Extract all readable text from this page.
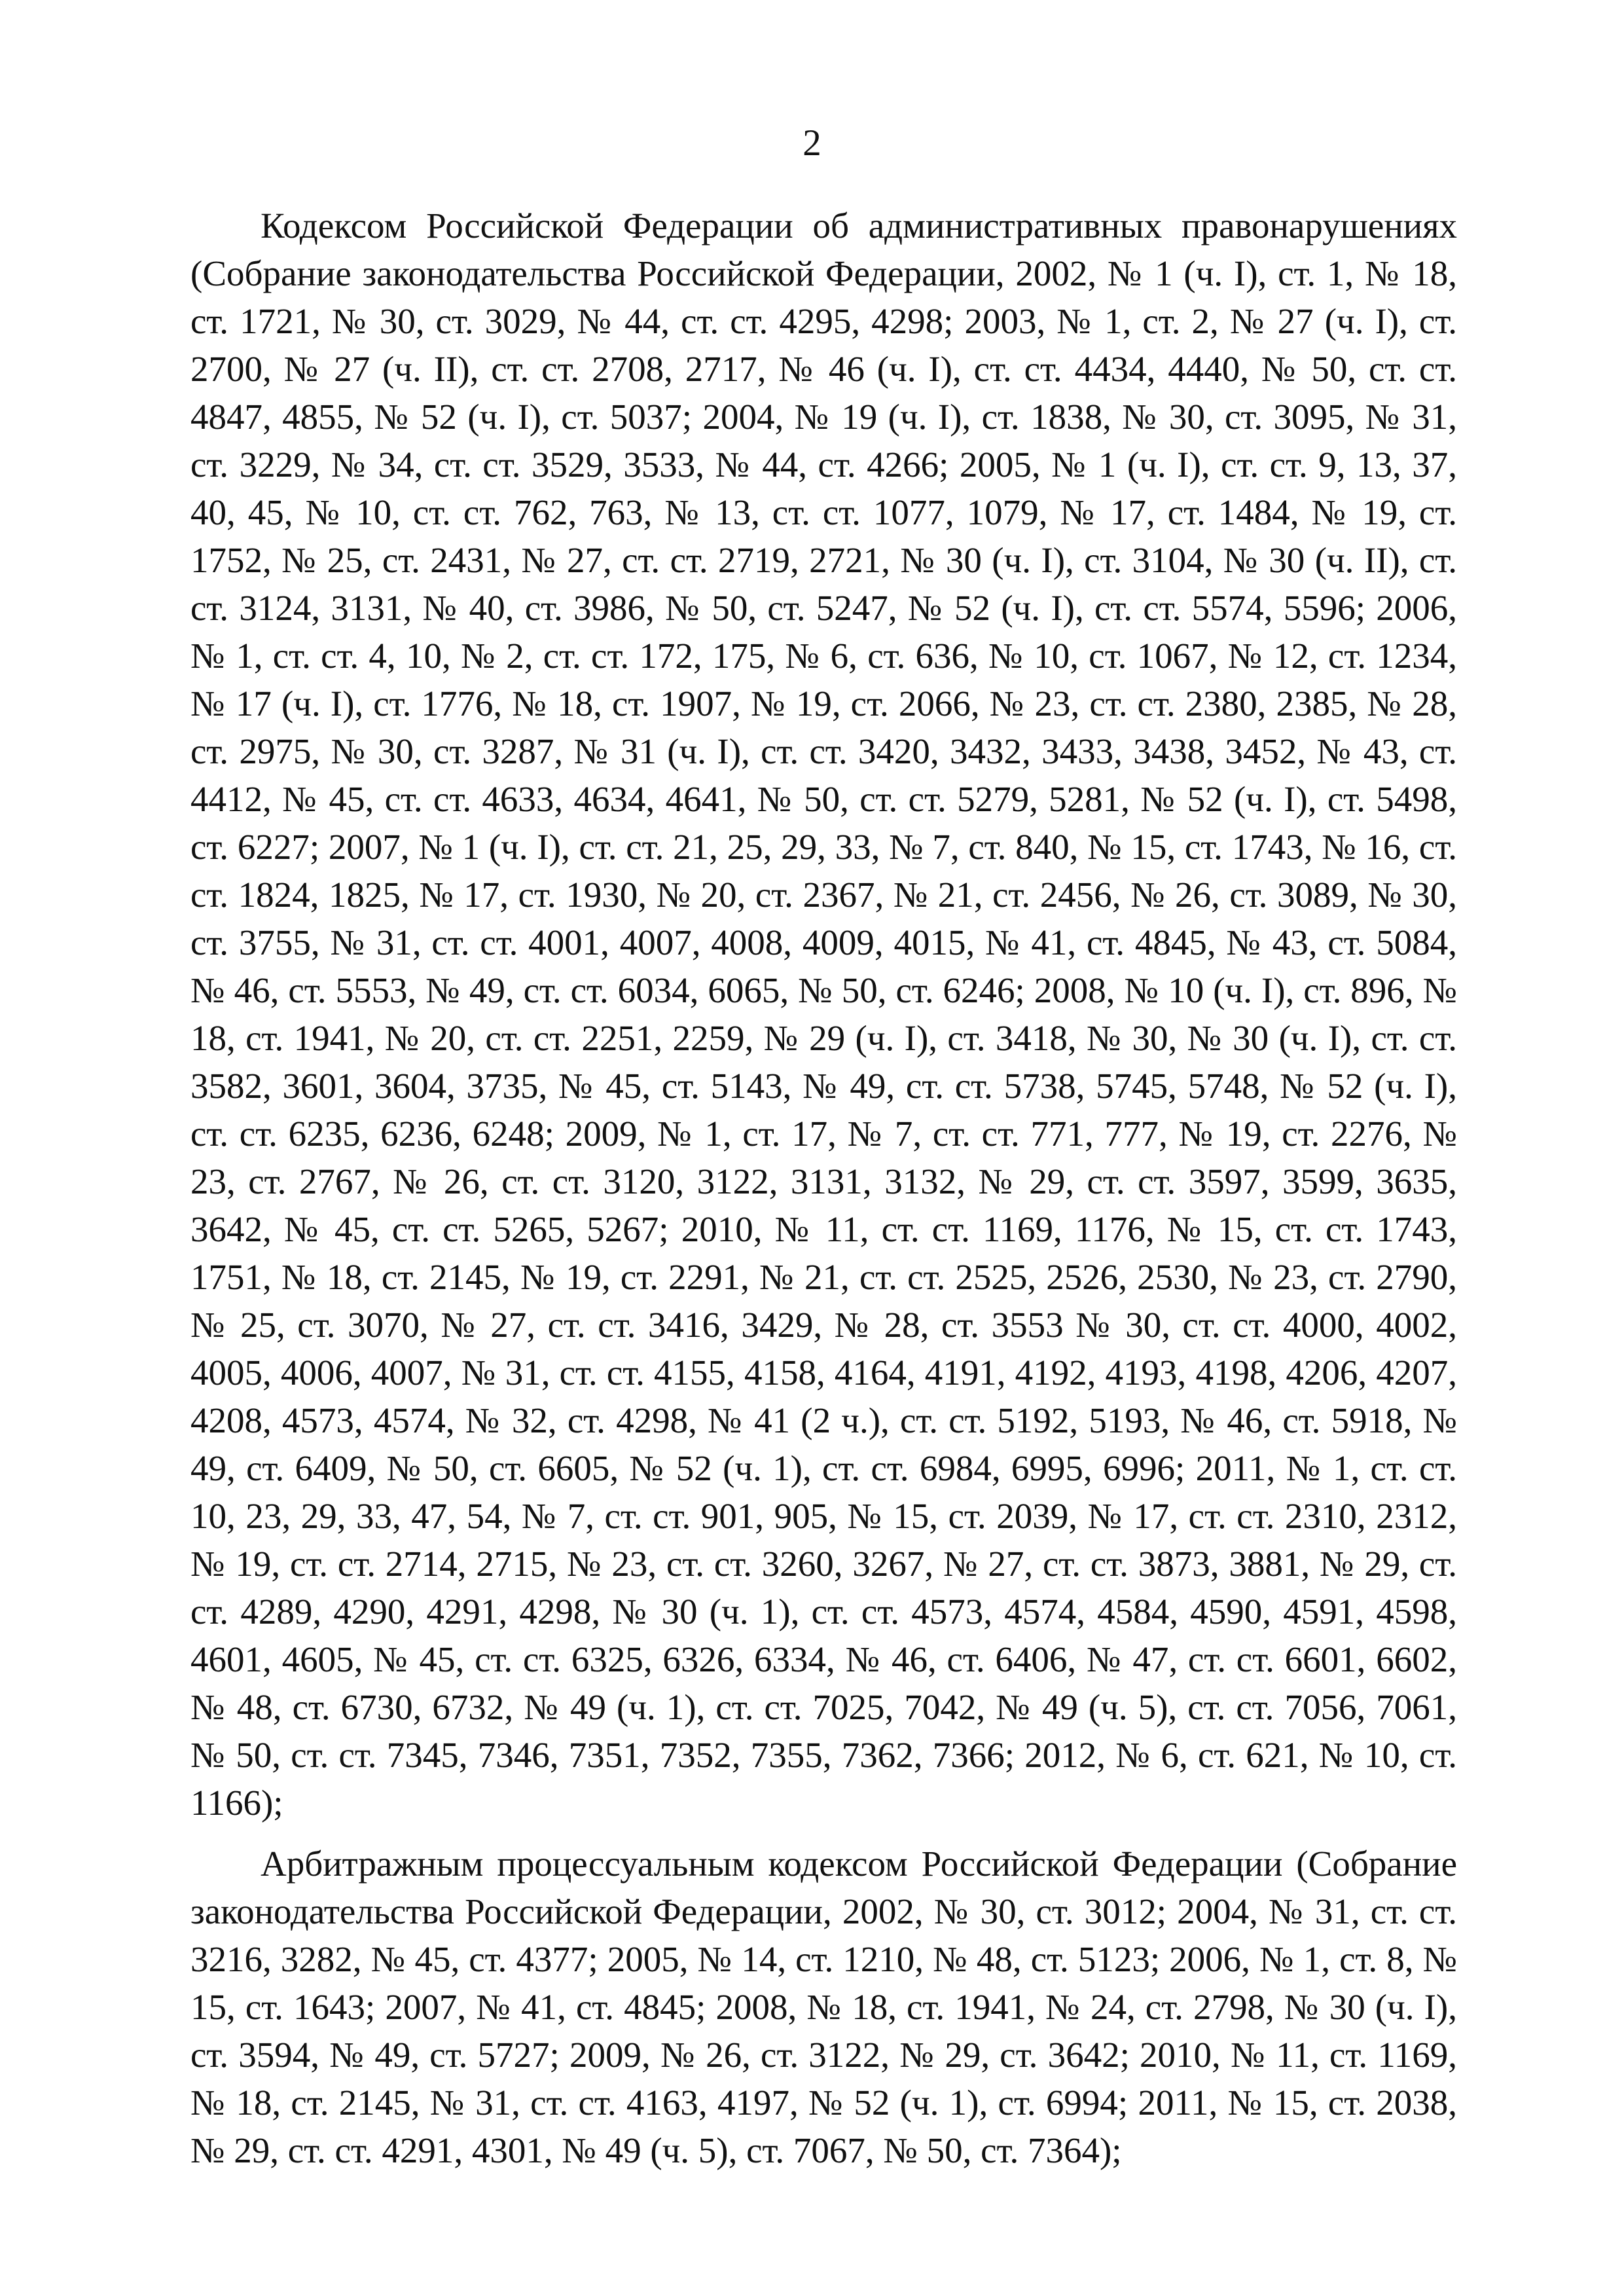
2

Кодексом Российской Федерации об административных правонарушениях (Собрание законодательства Российской Федерации, 2002, № 1 (ч. I), ст. 1, № 18, ст. 1721, № 30, ст. 3029, № 44, ст. ст. 4295, 4298; 2003, № 1, ст. 2, № 27 (ч. I), ст. 2700, № 27 (ч. II), ст. ст. 2708, 2717, № 46 (ч. I), ст. ст. 4434, 4440, № 50, ст. ст. 4847, 4855, № 52 (ч. I), ст. 5037; 2004, № 19 (ч. I), ст. 1838, № 30, ст. 3095, № 31, ст. 3229, № 34, ст. ст. 3529, 3533, № 44, ст. 4266; 2005, № 1 (ч. I), ст. ст. 9, 13, 37, 40, 45, № 10, ст. ст. 762, 763, № 13, ст. ст. 1077, 1079, № 17, ст. 1484, № 19, ст. 1752, № 25, ст. 2431, № 27, ст. ст. 2719, 2721, № 30 (ч. I), ст. 3104, № 30 (ч. II), ст. ст. 3124, 3131, № 40, ст. 3986, № 50, ст. 5247, № 52 (ч. I), ст. ст. 5574, 5596; 2006, № 1, ст. ст. 4, 10, № 2, ст. ст. 172, 175, № 6, ст. 636, № 10, ст. 1067, № 12, ст. 1234, № 17 (ч. I), ст. 1776, № 18, ст. 1907, № 19, ст. 2066, № 23, ст. ст. 2380, 2385, № 28, ст. 2975, № 30, ст. 3287, № 31 (ч. I), ст. ст. 3420, 3432, 3433, 3438, 3452, № 43, ст. 4412, № 45, ст. ст. 4633, 4634, 4641, № 50, ст. ст. 5279, 5281, № 52 (ч. I), ст. 5498, ст. 6227; 2007, № 1 (ч. I), ст. ст. 21, 25, 29, 33, № 7, ст. 840, № 15, ст. 1743, № 16, ст. ст. 1824, 1825, № 17, ст. 1930, № 20, ст. 2367, № 21, ст. 2456, № 26, ст. 3089, № 30, ст. 3755, № 31, ст. ст. 4001, 4007, 4008, 4009, 4015, № 41, ст. 4845, № 43, ст. 5084, № 46, ст. 5553, № 49, ст. ст. 6034, 6065, № 50, ст. 6246; 2008, № 10 (ч. I), ст. 896, № 18, ст. 1941, № 20, ст. ст. 2251, 2259, № 29 (ч. I), ст. 3418, № 30, № 30 (ч. I), ст. ст. 3582, 3601, 3604, 3735, № 45, ст. 5143, № 49, ст. ст. 5738, 5745, 5748, № 52 (ч. I), ст. ст. 6235, 6236, 6248; 2009, № 1, ст. 17, № 7, ст. ст. 771, 777, № 19, ст. 2276, № 23, ст. 2767, № 26, ст. ст. 3120, 3122, 3131, 3132, № 29, ст. ст. 3597, 3599, 3635, 3642, № 45, ст. ст. 5265, 5267; 2010, № 11, ст. ст. 1169, 1176, № 15, ст. ст. 1743, 1751, № 18, ст. 2145, № 19, ст. 2291, № 21, ст. ст. 2525, 2526, 2530, № 23, ст. 2790, № 25, ст. 3070, № 27, ст. ст. 3416, 3429, № 28, ст. 3553 № 30, ст. ст. 4000, 4002, 4005, 4006, 4007, № 31, ст. ст. 4155, 4158, 4164, 4191, 4192, 4193, 4198, 4206, 4207, 4208, 4573, 4574, № 32, ст. 4298, № 41 (2 ч.), ст. ст. 5192, 5193, № 46, ст. 5918, № 49, ст. 6409, № 50, ст. 6605, № 52 (ч. 1), ст. ст. 6984, 6995, 6996; 2011, № 1, ст. ст. 10, 23, 29, 33, 47, 54, № 7, ст. ст. 901, 905, № 15, ст. 2039, № 17, ст. ст. 2310, 2312, № 19, ст. ст. 2714, 2715, № 23, ст. ст. 3260, 3267, № 27, ст. ст. 3873, 3881, № 29, ст. ст. 4289, 4290, 4291, 4298, № 30 (ч. 1), ст. ст. 4573, 4574, 4584, 4590, 4591, 4598, 4601, 4605, № 45, ст. ст. 6325, 6326, 6334, № 46, ст. 6406, № 47, ст. ст. 6601, 6602, № 48, ст. 6730, 6732, № 49 (ч. 1), ст. ст. 7025, 7042, № 49 (ч. 5), ст. ст. 7056, 7061, № 50, ст. ст. 7345, 7346, 7351, 7352, 7355, 7362, 7366; 2012, № 6, ст. 621, № 10, ст. 1166);

Арбитражным процессуальным кодексом Российской Федерации (Собрание законодательства Российской Федерации, 2002, № 30, ст. 3012; 2004, № 31, ст. ст. 3216, 3282, № 45, ст. 4377; 2005, № 14, ст. 1210, № 48, ст. 5123; 2006, № 1, ст. 8, № 15, ст. 1643; 2007, № 41, ст. 4845; 2008, № 18, ст. 1941, № 24, ст. 2798, № 30 (ч. I), ст. 3594, № 49, ст. 5727; 2009, № 26, ст. 3122, № 29, ст. 3642; 2010, № 11, ст. 1169, № 18, ст. 2145, № 31, ст. ст. 4163, 4197, № 52 (ч. 1), ст. 6994; 2011, № 15, ст. 2038, № 29, ст. ст. 4291, 4301, № 49 (ч. 5), ст. 7067, № 50, ст. 7364);
